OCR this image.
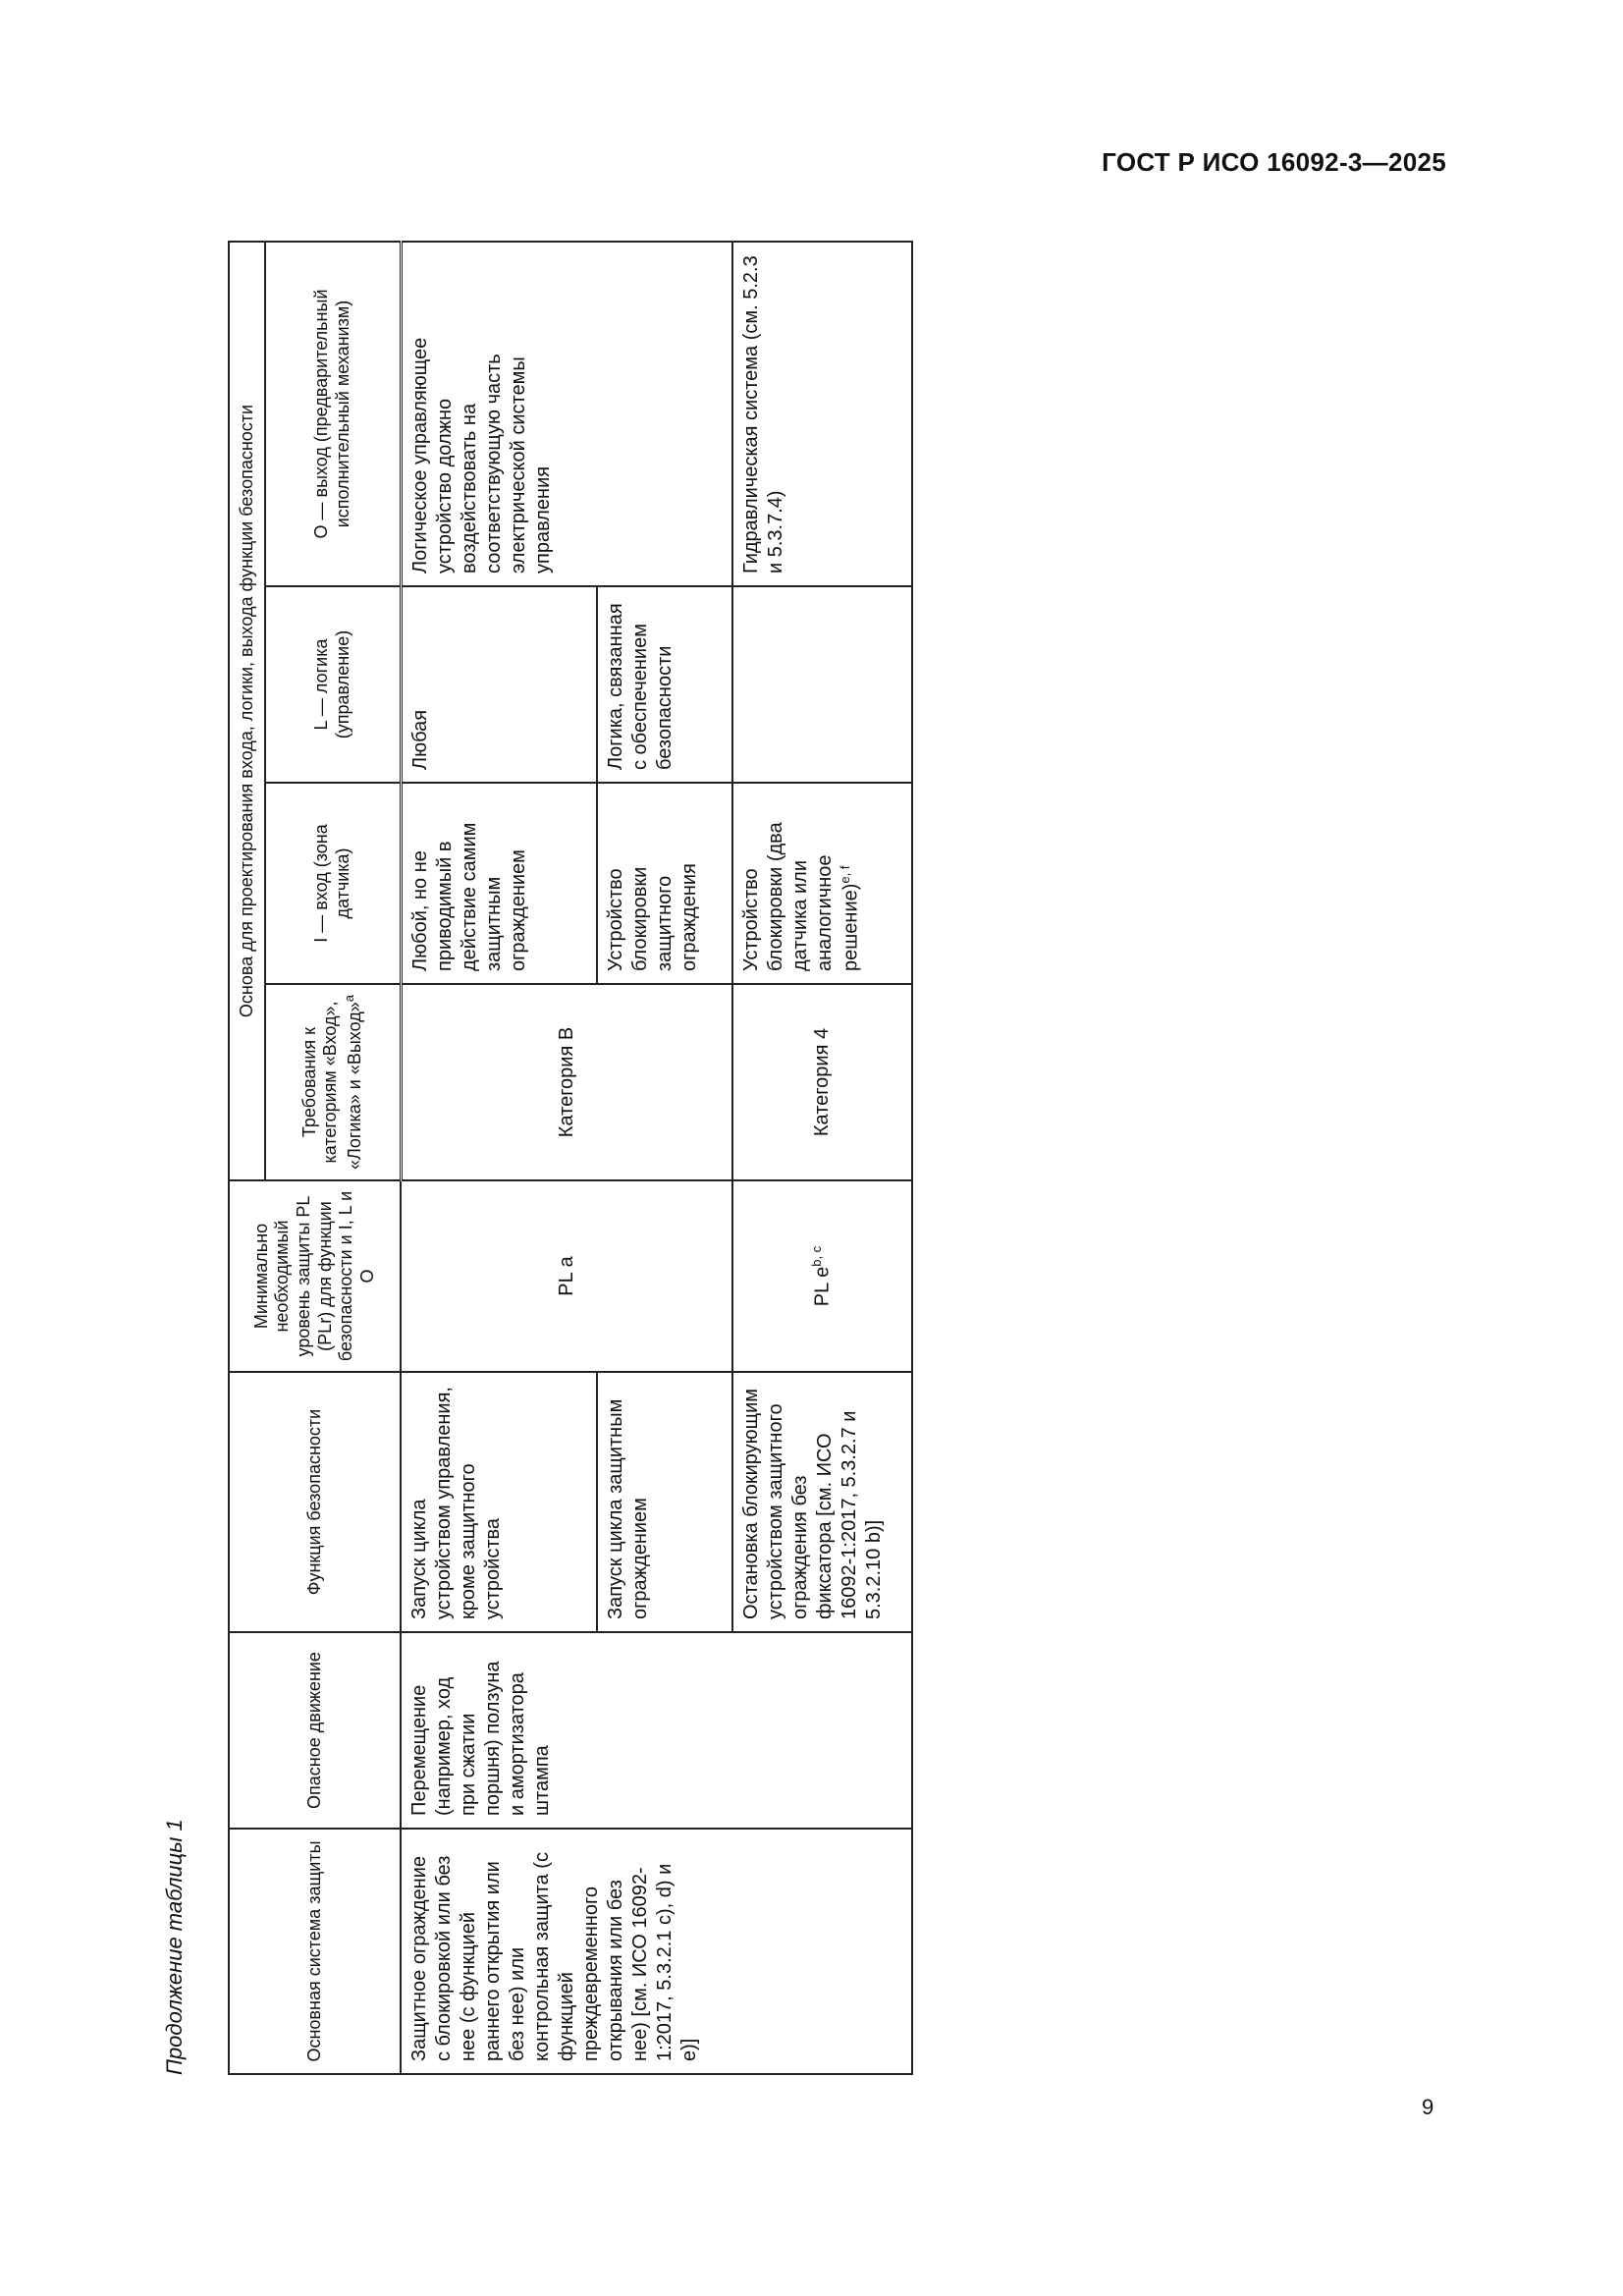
ГОСТ Р ИСО 16092-3—2025
Продолжение таблицы 1	Основная система защиты	Опасное движение	Функция безопасности	Минимально необходимый уровень защиты PL (PLr) для функции безопасности и I, L и O	Основа для проектирования входа, логики, выхода функции безопасности			
				Требования к категориям «Вход», «Логика» и «Выход»$^a$	I — вход (зона датчика)	L — логика (управление)	O — выход (предварительный исполнительный механизм)
Защитное ограждение с блокировкой или без нее (с функцией раннего открытия или без нее) или контрольная защита (с функцией преждевременного открывания или без нее) [см. ИСО 16092-1:2017, 5.3.2.1 c), d) и e)]	Перемещение (например, ход при сжатии поршня) ползуна и амортизатора штампа	Запуск цикла устройством управления, кроме защитного устройства	PL a	Категория B	Любой, но не приводимый в действие самим защитным ограждением	Любая	Логическое управляющее устройство должно воздействовать на соответствующую часть электрической системы управления
		Запуск цикла защитным ограждением			Устройство блокировки защитного ограждения	Логика, связанная с обеспечением безопасности	
		Остановка блокирующим устройством защитного ограждения без фиксатора [см. ИСО 16092-1:2017, 5.3.2.7 и 5.3.2.10 b)]	PL $e^{b, c}$	Категория 4	Устройство блокировки (два датчика или аналогичное решение)$^{e, f}$		Гидравлическая система (см. 5.2.3 и 5.3.7.4)
9
